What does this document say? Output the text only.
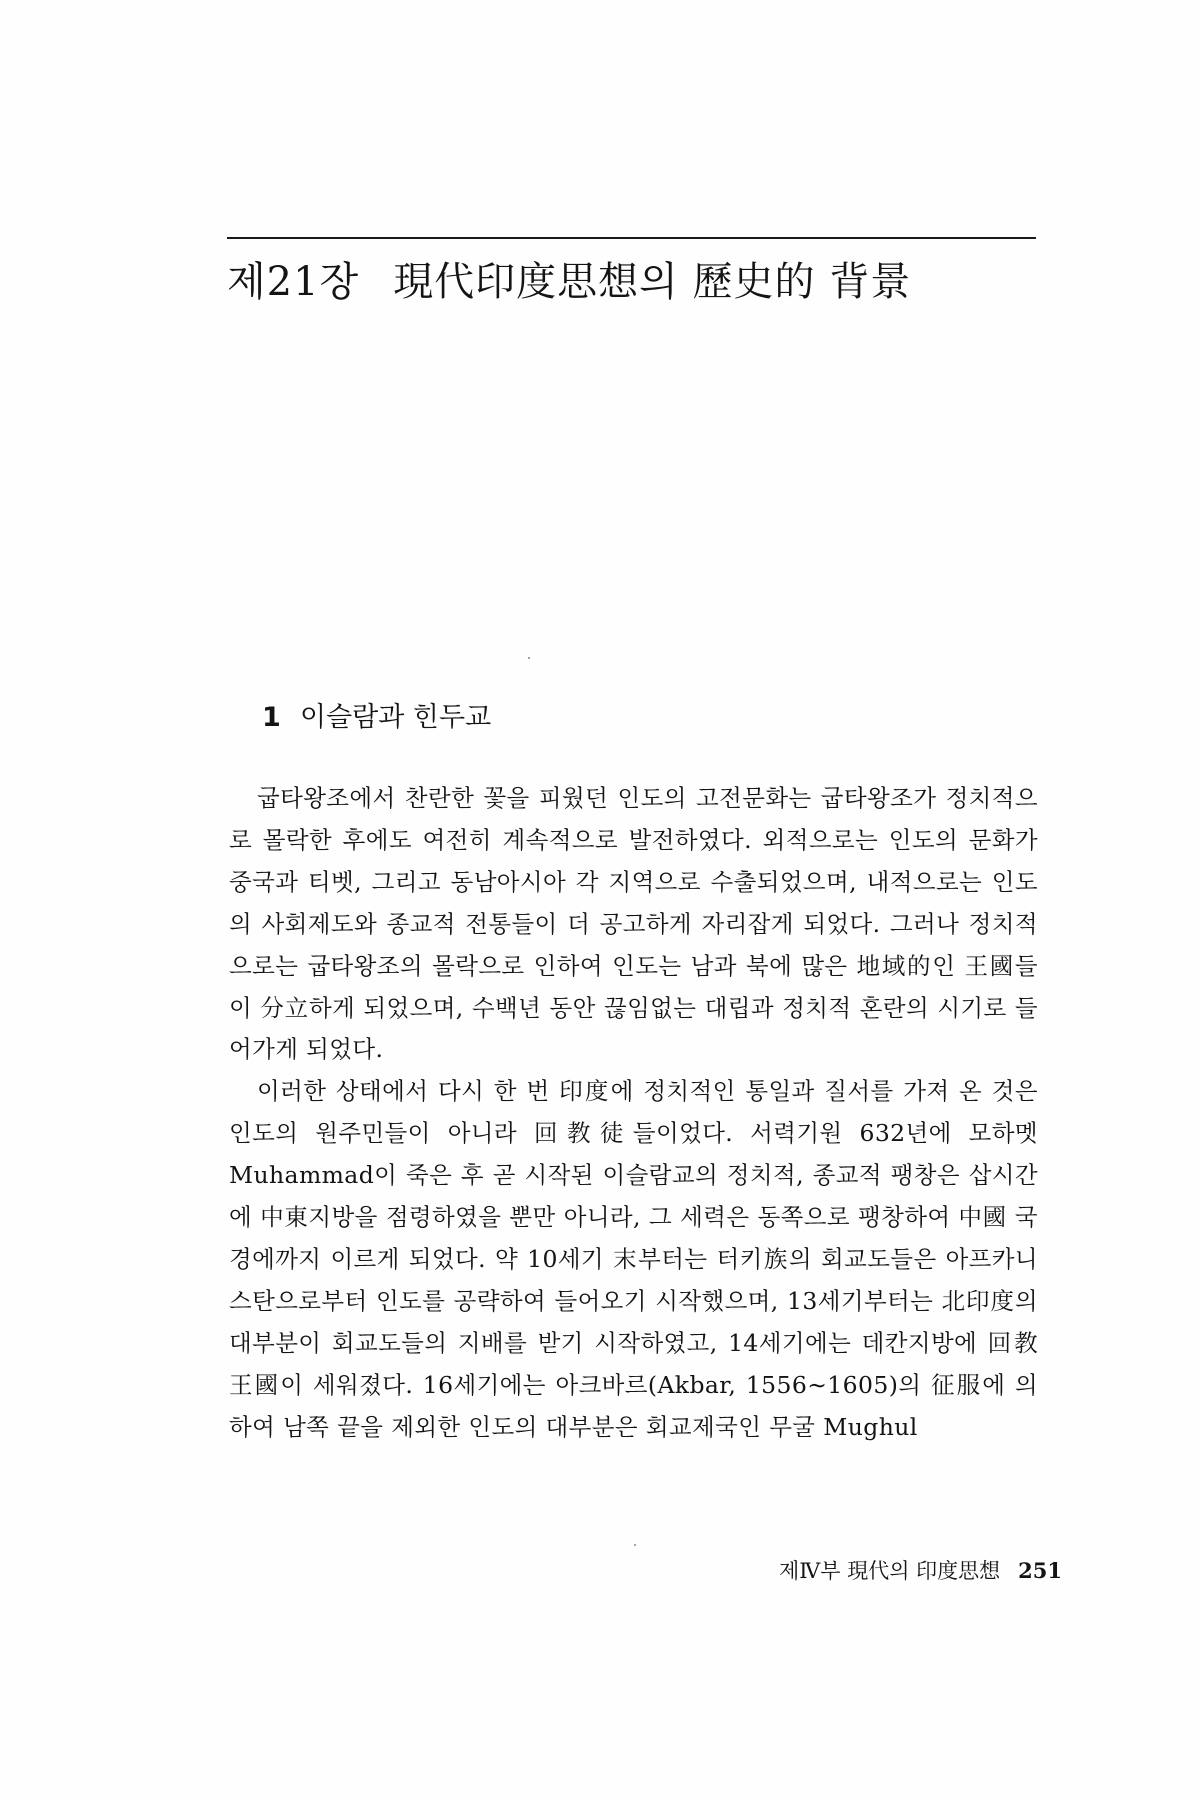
제21장 現代印度思想의 歷史的 背景
1 이슬람과 힌두교

굽타왕조에서 찬란한 꽃을 피웠던 인도의 고전문화는 굽타왕조가 정치적으로 몰락한 후에도 여전히 계속적으로 발전하였다. 외적으로는 인도의 문화가 중국과 티벳, 그리고 동남아시아 각 지역으로 수출되었으며, 내적으로는 인도의 사회제도와 종교적 전통들이 더 공고하게 자리잡게 되었다. 그러나 정치적으로는 굽타왕조의 몰락으로 인하여 인도는 남과 북에 많은 地域的인 王國들이 分立하게 되었으며, 수백년 동안 끊임없는 대립과 정치적 혼란의 시기로 들어가게 되었다.

이러한 상태에서 다시 한 번 印度에 정치적인 통일과 질서를 가져 온 것은 인도의 원주민들이 아니라 回教徒들이었다. 서력기원 632년에 모하멧 Muhammad이 죽은 후 곧 시작된 이슬람교의 정치적, 종교적 팽창은 삽시간에 中東지방을 점령하였을 뿐만 아니라, 그 세력은 동쪽으로 팽창하여 中國 국경에까지 이르게 되었다. 약 10세기 末부터는 터키族의 회교도들은 아프카니스탄으로부터 인도를 공략하여 들어오기 시작했으며, 13세기부터는 北印度의 대부분이 회교도들의 지배를 받기 시작하였고, 14세기에는 데칸지방에 回教王國이 세워졌다. 16세기에는 아크바르(Akbar, 1556∼1605)의 征服에 의하여 남쪽 끝을 제외한 인도의 대부분은 회교제국인 무굴 Mughul

제Ⅳ부 現代의 印度思想 251
